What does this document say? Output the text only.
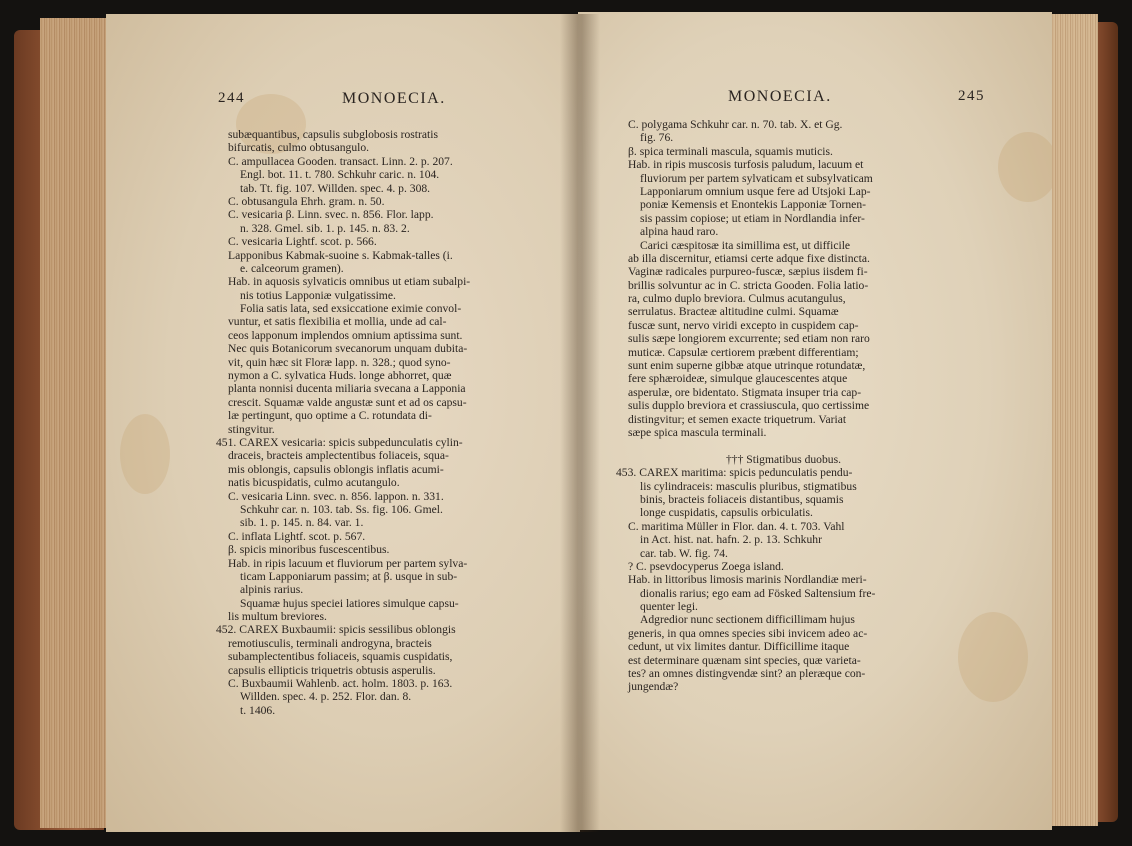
244	MONOECIA.
subæquantibus, capsulis subglobosis rostratis
bifurcatis, culmo obtusangulo.
C. ampullacea Gooden. transact. Linn. 2. p. 207.
Engl. bot. 11. t. 780. Schkuhr caric. n. 104.
tab. Tt. fig. 107. Willden. spec. 4. p. 308.
C. obtusangula Ehrh. gram. n. 50.
C. vesicaria β. Linn. svec. n. 856. Flor. lapp.
n. 328. Gmel. sib. 1. p. 145. n. 83. 2.
C. vesicaria Lightf. scot. p. 566.
Lapponibus Kabmak-suoine s. Kabmak-talles (i.
e. calceorum gramen).
Hab. in aquosis sylvaticis omnibus ut etiam subalpi-
nis totius Lapponiæ vulgatissime.
Folia satis lata, sed exsiccatione eximie convol-
vuntur, et satis flexibilia et mollia, unde ad cal-
ceos lapponum implendos omnium aptissima sunt.
Nec quis Botanicorum svecanorum unquam dubita-
vit, quin hæc sit Floræ lapp. n. 328.; quod syno-
nymon a C. sylvatica Huds. longe abhorret, quæ
planta nonnisi ducenta miliaria svecana a Lapponia
crescit. Squamæ valde angustæ sunt et ad os capsu-
læ pertingunt, quo optime a C. rotundata di-
stingvitur.
451. CAREX vesicaria: spicis subpedunculatis cylin-
draceis, bracteis amplectentibus foliaceis, squa-
mis oblongis, capsulis oblongis inflatis acumi-
natis bicuspidatis, culmo acutangulo.
C. vesicaria Linn. svec. n. 856. lappon. n. 331.
Schkuhr car. n. 103. tab. Ss. fig. 106. Gmel.
sib. 1. p. 145. n. 84. var. 1.
C. inflata Lightf. scot. p. 567.
β. spicis minoribus fuscescentibus.
Hab. in ripis lacuum et fluviorum per partem sylva-
ticam Lapponiarum passim; at β. usque in sub-
alpinis rarius.
Squamæ hujus speciei latiores simulque capsu-
lis multum breviores.
452. CAREX Buxbaumii: spicis sessilibus oblongis
remotiusculis, terminali androgyna, bracteis
subamplectentibus foliaceis, squamis cuspidatis,
capsulis ellipticis triquetris obtusis asperulis.
C. Buxbaumii Wahlenb. act. holm. 1803. p. 163.
Willden. spec. 4. p. 252. Flor. dan. 8.
t. 1406.
MONOECIA.	245
C. polygama Schkuhr car. n. 70. tab. X. et Gg.
fig. 76.
β. spica terminali mascula, squamis muticis.
Hab. in ripis muscosis turfosis paludum, lacuum et
fluviorum per partem sylvaticam et subsylvaticam
Lapponiarum omnium usque fere ad Utsjoki Lap-
poniæ Kemensis et Enontekis Lapponiæ Tornen-
sis passim copiose; ut etiam in Nordlandia infer-
alpina haud raro.
Carici cæspitosæ ita simillima est, ut difficile
ab illa discernitur, etiamsi certe adque fixe distincta.
Vaginæ radicales purpureo-fuscæ, sæpius iisdem fi-
brillis solvuntur ac in C. stricta Gooden. Folia latio-
ra, culmo duplo breviora. Culmus acutangulus,
serrulatus. Bracteæ altitudine culmi. Squamæ
fuscæ sunt, nervo viridi excepto in cuspidem cap-
sulis sæpe longiorem excurrente; sed etiam non raro
muticæ. Capsulæ certiorem præbent differentiam;
sunt enim superne gibbæ atque utrinque rotundatæ,
fere sphæroideæ, simulque glaucescentes atque
asperulæ, ore bidentato. Stigmata insuper tria cap-
sulis dupplo breviora et crassiuscula, quo certissime
distingvitur; et semen exacte triquetrum. Variat
sæpe spica mascula terminali.
††† Stigmatibus duobus.
453. CAREX maritima: spicis pedunculatis pendu-
lis cylindraceis: masculis pluribus, stigmatibus
binis, bracteis foliaceis distantibus, squamis
longe cuspidatis, capsulis orbiculatis.
C. maritima Müller in Flor. dan. 4. t. 703. Vahl
in Act. hist. nat. hafn. 2. p. 13. Schkuhr
car. tab. W. fig. 74.
? C. psevdocyperus Zoega island.
Hab. in littoribus limosis marinis Nordlandiæ meri-
dionalis rarius; ego eam ad Fösked Saltensium fre-
quenter legi.
Adgredior nunc sectionem difficillimam hujus
generis, in qua omnes species sibi invicem adeo ac-
cedunt, ut vix limites dantur. Difficillime itaque
est determinare quænam sint species, quæ varieta-
tes? an omnes distingvendæ sint? an pleræque con-
jungendæ?
